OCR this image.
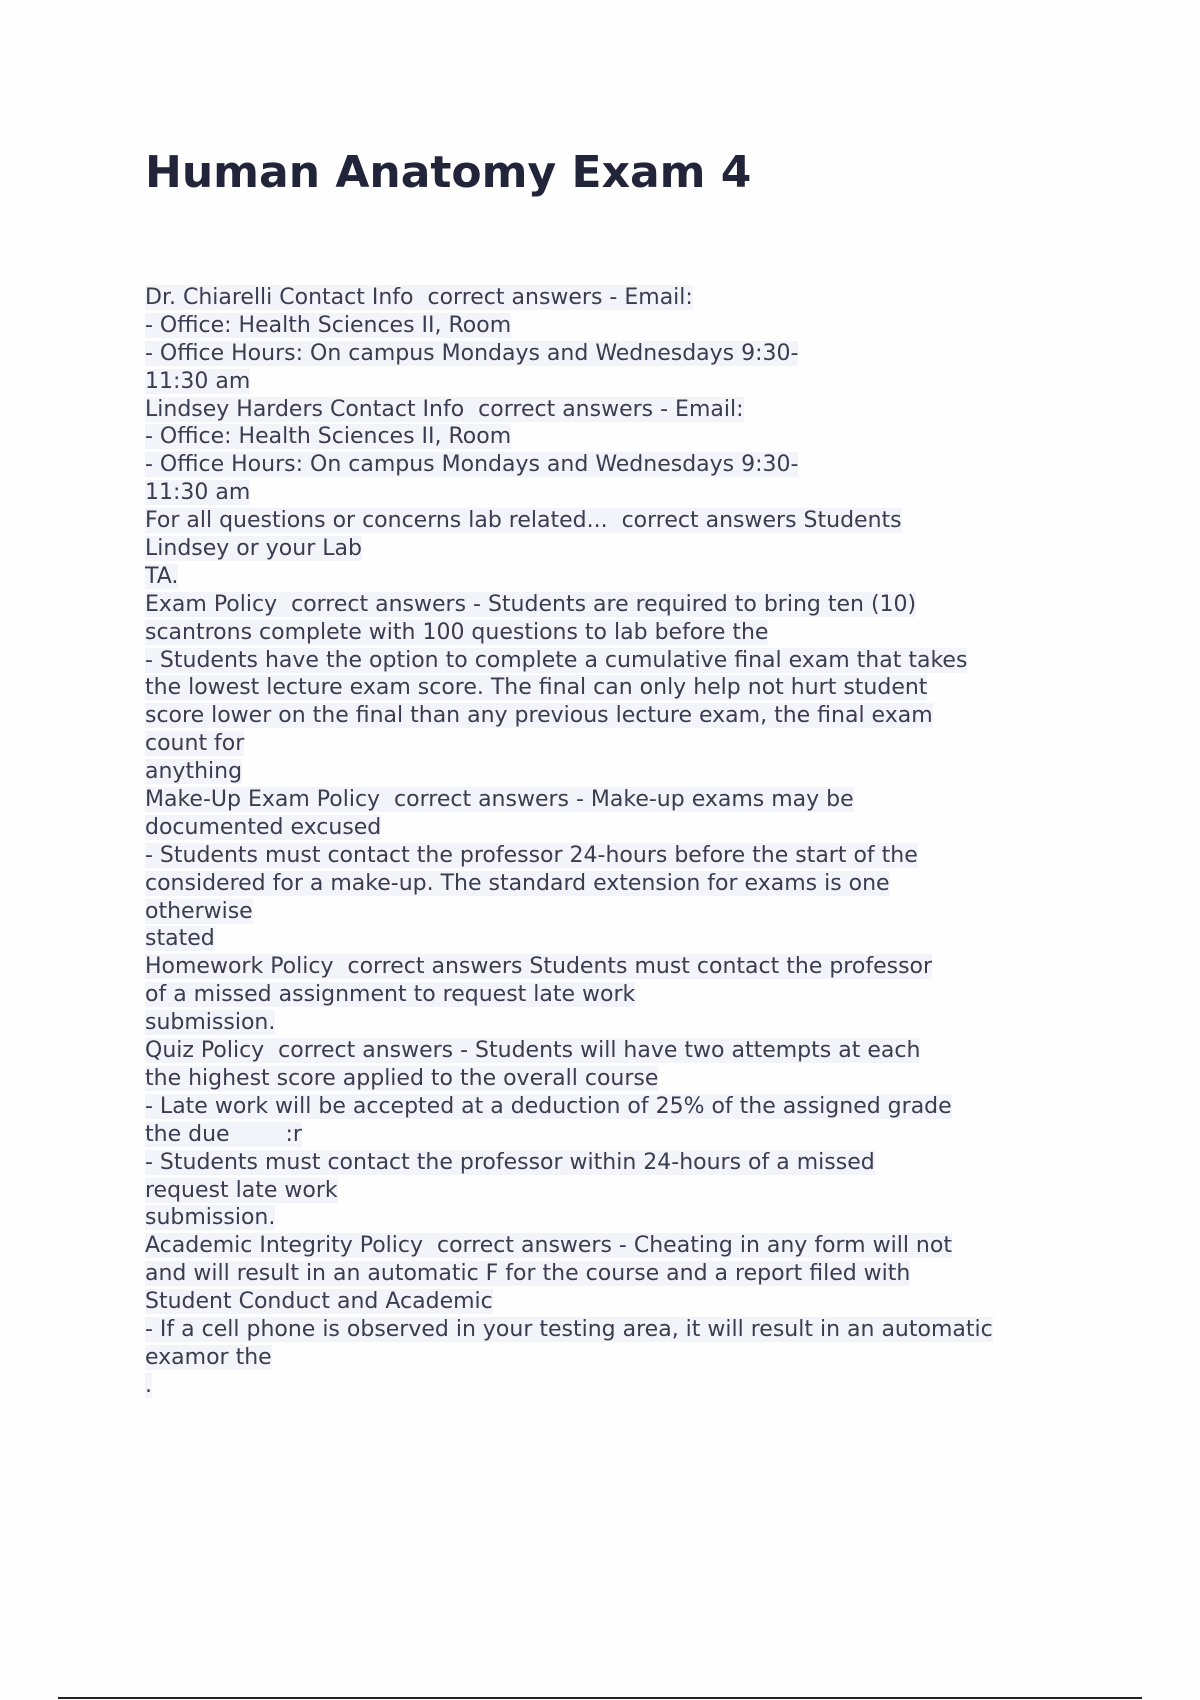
Human Anatomy Exam 4
Dr. Chiarelli Contact Info  correct answers - Email:
- Office: Health Sciences II, Room
- Office Hours: On campus Mondays and Wednesdays 9:30-
11:30 am
Lindsey Harders Contact Info  correct answers - Email:
- Office: Health Sciences II, Room
- Office Hours: On campus Mondays and Wednesdays 9:30-
11:30 am
For all questions or concerns lab related...  correct answers Students
Lindsey or your Lab
TA.
Exam Policy  correct answers - Students are required to bring ten (10)
scantrons complete with 100 questions to lab before the
- Students have the option to complete a cumulative final exam that takes
the lowest lecture exam score. The final can only help not hurt student
score lower on the final than any previous lecture exam, the final exam
count for
anything
Make-Up Exam Policy  correct answers - Make-up exams may be
documented excused
- Students must contact the professor 24-hours before the start of the
considered for a make-up. The standard extension for exams is one
otherwise
stated
Homework Policy  correct answers Students must contact the professor
of a missed assignment to request late work
submission.
Quiz Policy  correct answers - Students will have two attempts at each
the highest score applied to the overall course
- Late work will be accepted at a deduction of 25% of the assigned grade
the due        :r
- Students must contact the professor within 24-hours of a missed
request late work
submission.
Academic Integrity Policy  correct answers - Cheating in any form will not
and will result in an automatic F for the course and a report filed with
Student Conduct and Academic
- If a cell phone is observed in your testing area, it will result in an automatic
examor the
.
